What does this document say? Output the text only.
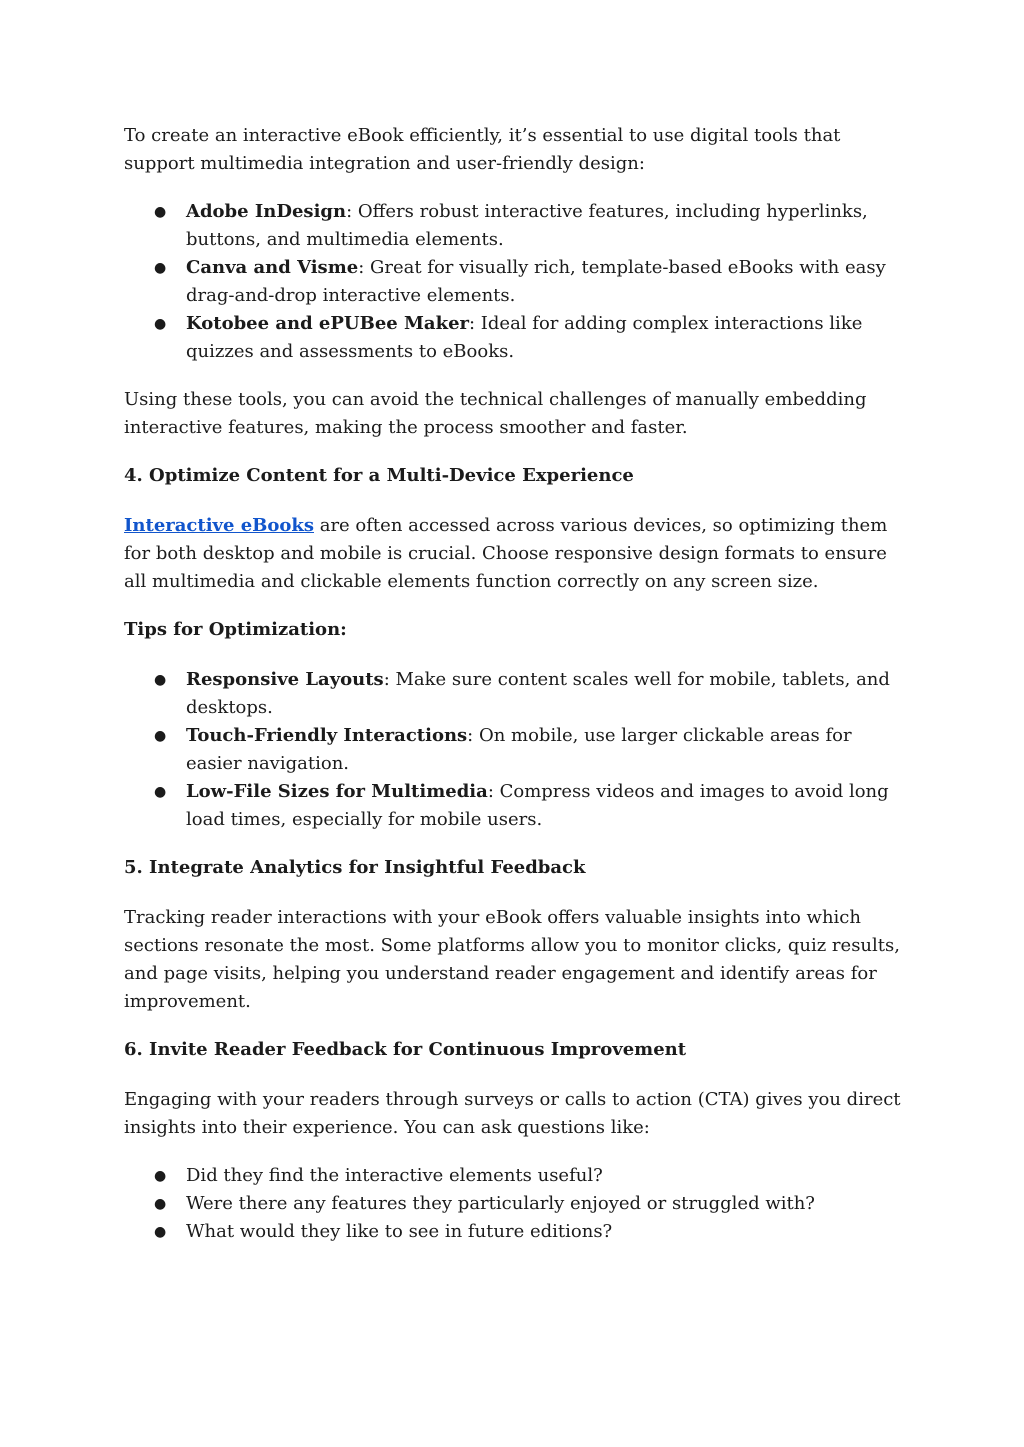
To create an interactive eBook efficiently, it’s essential to use digital tools that support multimedia integration and user-friendly design:

● Adobe InDesign: Offers robust interactive features, including hyperlinks, buttons, and multimedia elements.
● Canva and Visme: Great for visually rich, template-based eBooks with easy drag-and-drop interactive elements.
● Kotobee and ePUBee Maker: Ideal for adding complex interactions like quizzes and assessments to eBooks.

Using these tools, you can avoid the technical challenges of manually embedding interactive features, making the process smoother and faster.

4. Optimize Content for a Multi-Device Experience

Interactive eBooks are often accessed across various devices, so optimizing them for both desktop and mobile is crucial. Choose responsive design formats to ensure all multimedia and clickable elements function correctly on any screen size.

Tips for Optimization:

● Responsive Layouts: Make sure content scales well for mobile, tablets, and desktops.
● Touch-Friendly Interactions: On mobile, use larger clickable areas for easier navigation.
● Low-File Sizes for Multimedia: Compress videos and images to avoid long load times, especially for mobile users.

5. Integrate Analytics for Insightful Feedback

Tracking reader interactions with your eBook offers valuable insights into which sections resonate the most. Some platforms allow you to monitor clicks, quiz results, and page visits, helping you understand reader engagement and identify areas for improvement.

6. Invite Reader Feedback for Continuous Improvement

Engaging with your readers through surveys or calls to action (CTA) gives you direct insights into their experience. You can ask questions like:

● Did they find the interactive elements useful?
● Were there any features they particularly enjoyed or struggled with?
● What would they like to see in future editions?
